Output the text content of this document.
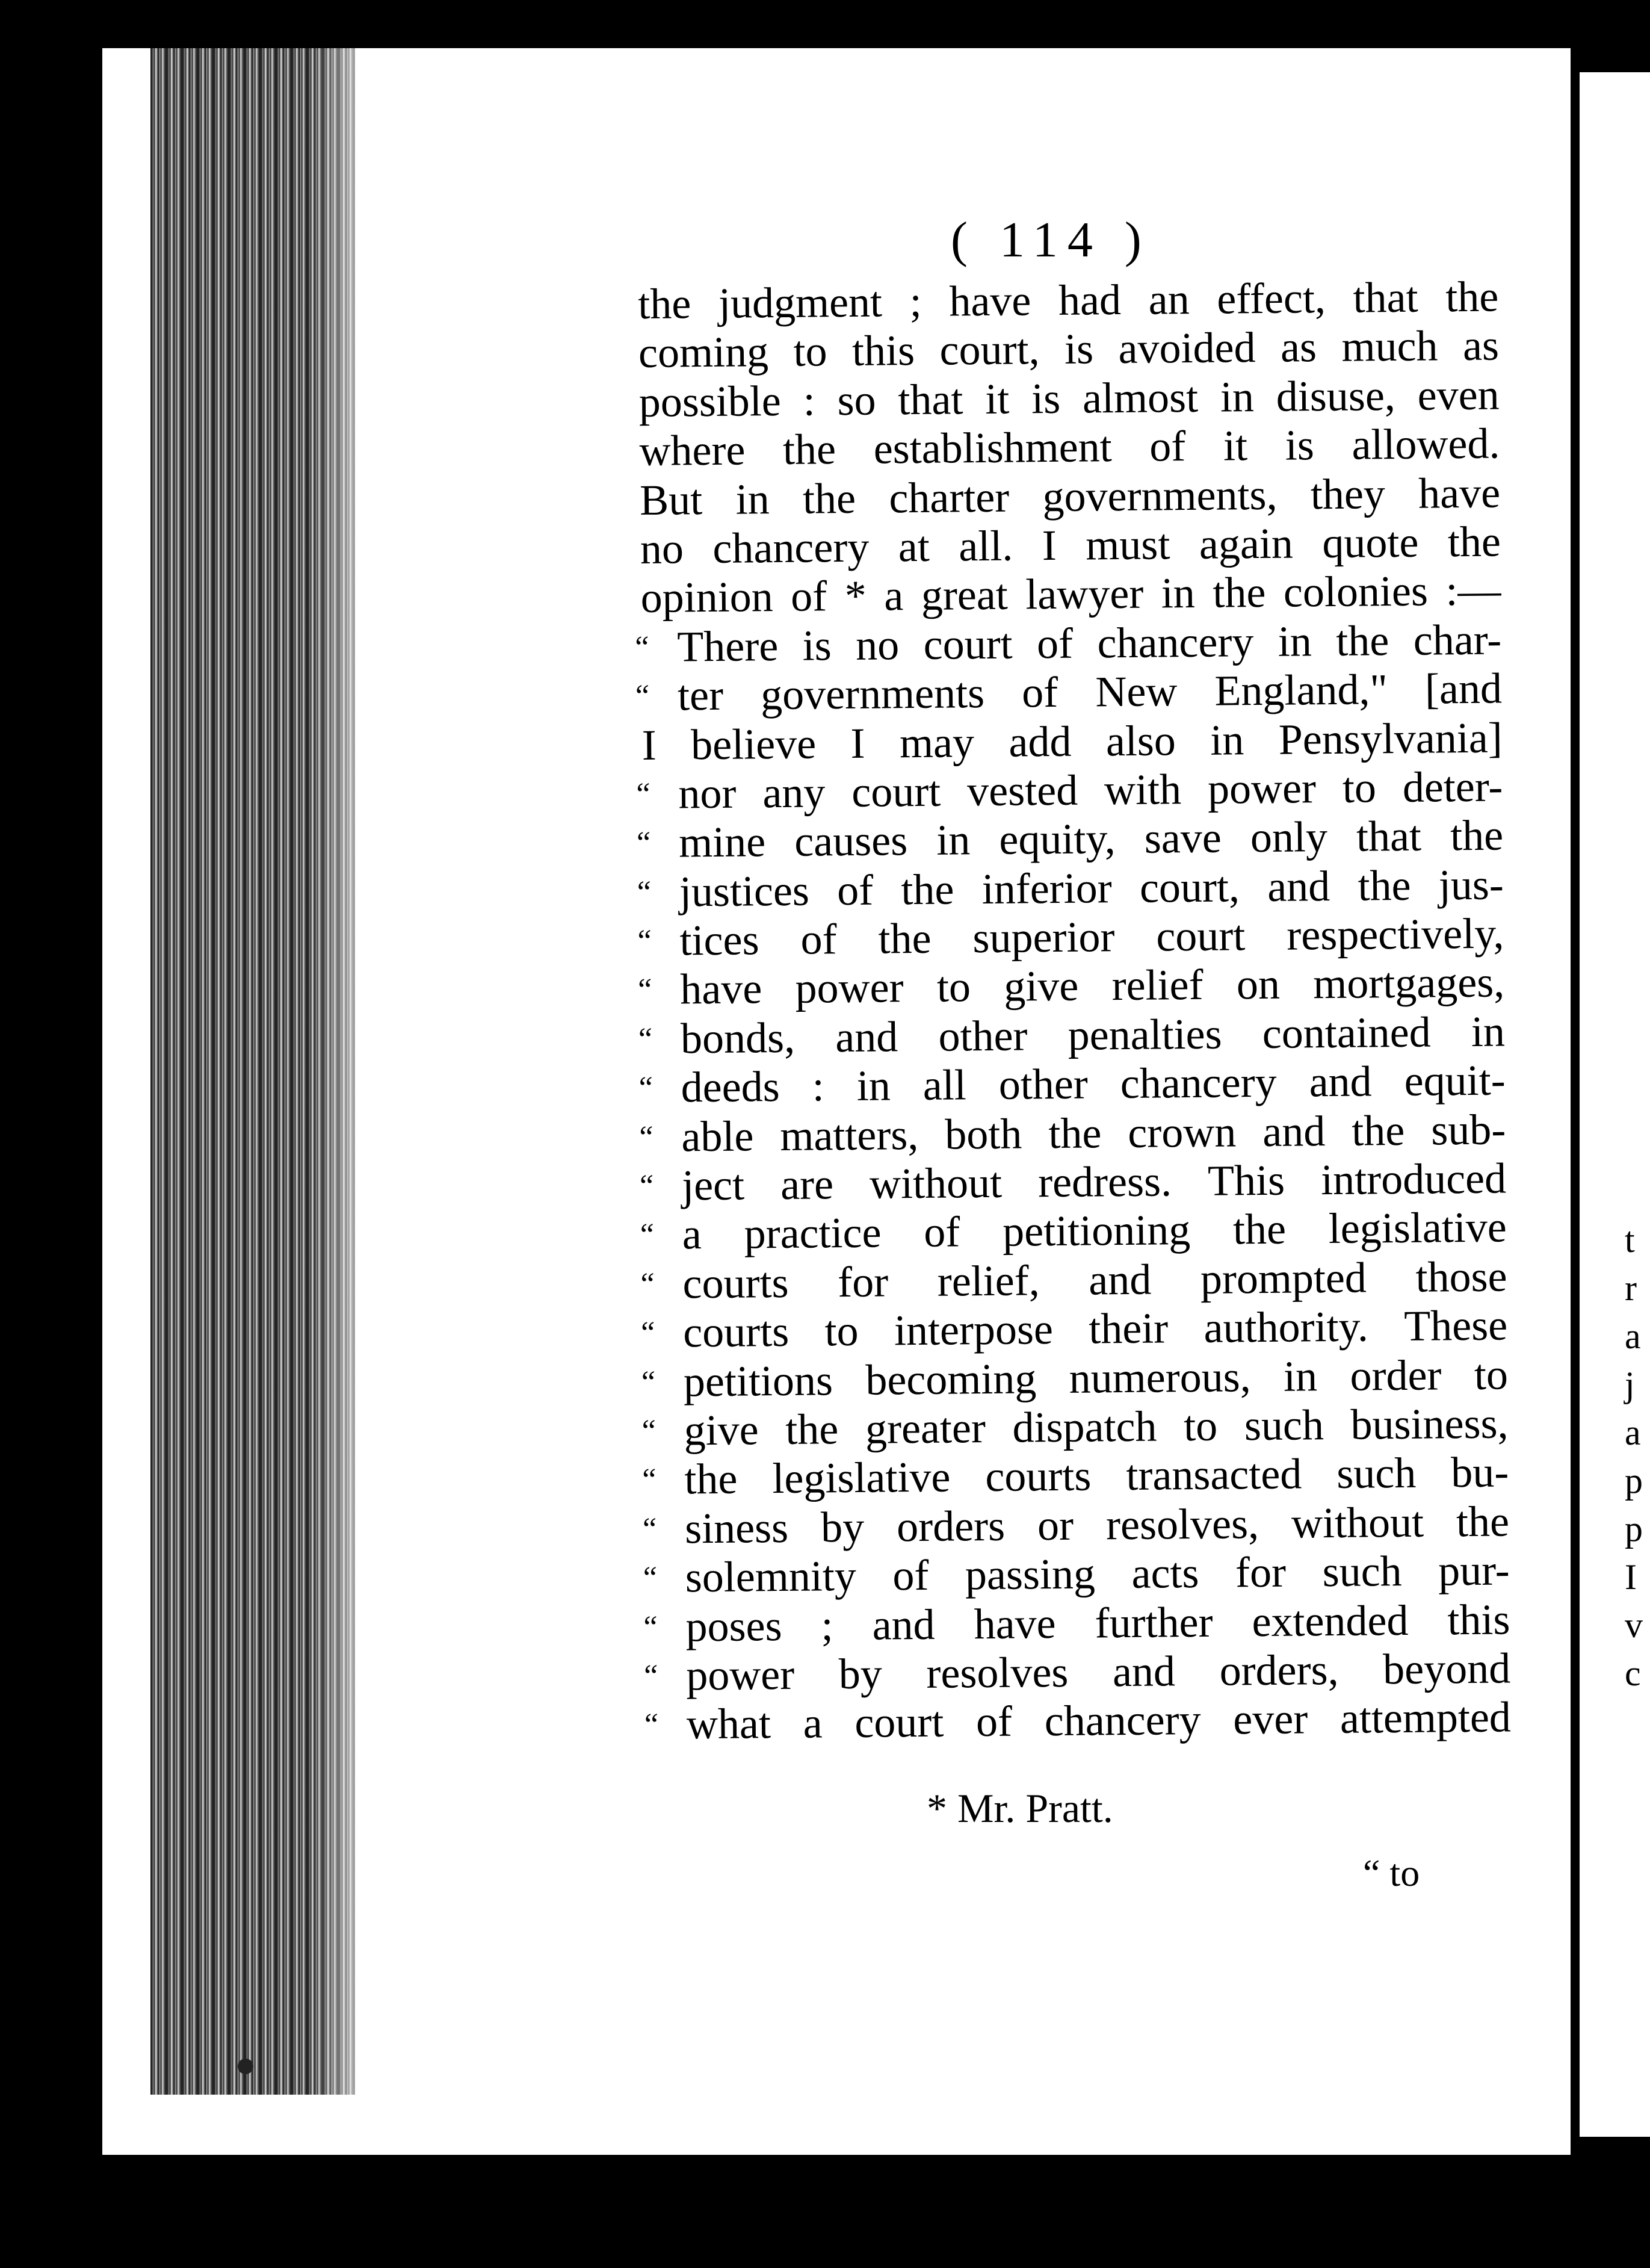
t
r
a
j
a
p
p
I
v
c
( 114 )
the judgment ; have had an effect, that the
coming to this court, is avoided as much as
possible : so that it is almost in disuse, even
where the establishment of it is allowed.
But in the charter governments, they have
no chancery at all. I must again quote the
opinion of * a great lawyer in the colonies :—
“ There is no court of chancery in the char-
“ ter governments of New England," [and
I believe I may add also in Pensylvania]
“ nor any court vested with power to deter-
“ mine causes in equity, save only that the
“ justices of the inferior court, and the jus-
“ tices of the superior court respectively,
“ have power to give relief on mortgages,
“ bonds, and other penalties contained in
“ deeds : in all other chancery and equit-
“ able matters, both the crown and the sub-
“ ject are without redress. This introduced
“ a practice of petitioning the legislative
“ courts for relief, and prompted those
“ courts to interpose their authority. These
“ petitions becoming numerous, in order to
“ give the greater dispatch to such business,
“ the legislative courts transacted such bu-
“ siness by orders or resolves, without the
“ solemnity of passing acts for such pur-
“ poses ; and have further extended this
“ power by resolves and orders, beyond
“ what a court of chancery ever attempted
* Mr. Pratt.
“ to
